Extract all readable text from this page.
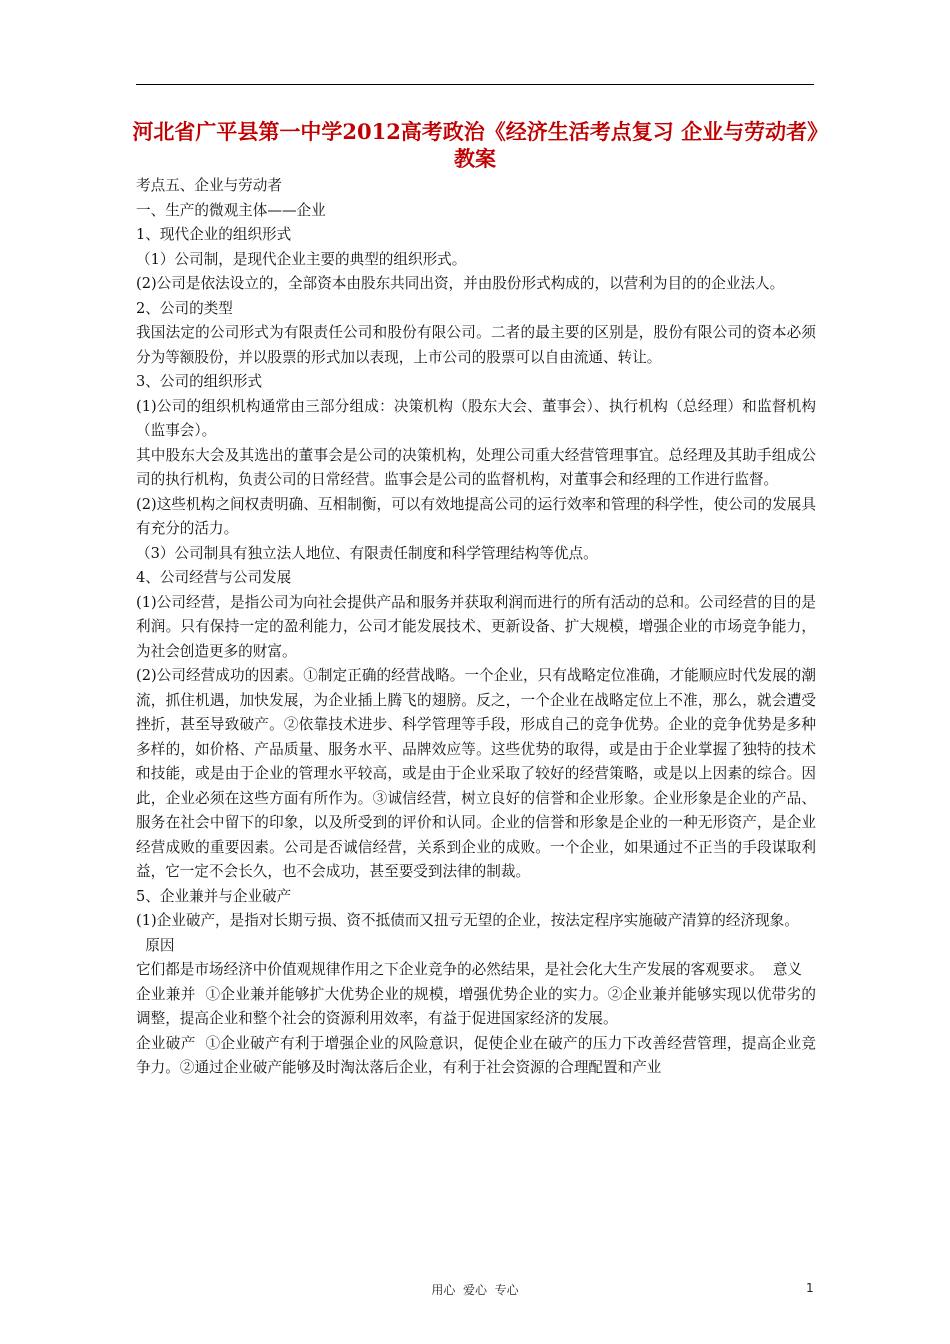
河北省广平县第一中学2012高考政治《经济生活考点复习 企业与劳动者》教案

考点五、企业与劳动者

一、生产的微观主体——企业

1、现代企业的组织形式

（1）公司制，是现代企业主要的典型的组织形式。

(2)公司是依法设立的，全部资本由股东共同出资，并由股份形式构成的，以营利为目的的企业法人。

2、公司的类型

我国法定的公司形式为有限责任公司和股份有限公司。二者的最主要的区别是，股份有限公司的资本必须分为等额股份，并以股票的形式加以表现，上市公司的股票可以自由流通、转让。

3、公司的组织形式

(1)公司的组织机构通常由三部分组成：决策机构（股东大会、董事会）、执行机构（总经理）和监督机构（监事会）。

其中股东大会及其选出的董事会是公司的决策机构，处理公司重大经营管理事宜。总经理及其助手组成公司的执行机构，负责公司的日常经营。监事会是公司的监督机构，对董事会和经理的工作进行监督。

(2)这些机构之间权责明确、互相制衡，可以有效地提高公司的运行效率和管理的科学性，使公司的发展具有充分的活力。

（3）公司制具有独立法人地位、有限责任制度和科学管理结构等优点。

4、公司经营与公司发展

(1)公司经营，是指公司为向社会提供产品和服务并获取利润而进行的所有活动的总和。公司经营的目的是利润。只有保持一定的盈利能力，公司才能发展技术、更新设备、扩大规模，增强企业的市场竞争能力，为社会创造更多的财富。

(2)公司经营成功的因素。①制定正确的经营战略。一个企业，只有战略定位准确，才能顺应时代发展的潮流，抓住机遇，加快发展，为企业插上腾飞的翅膀。反之，一个企业在战略定位上不准，那么，就会遭受挫折，甚至导致破产。②依靠技术进步、科学管理等手段，形成自己的竞争优势。企业的竞争优势是多种多样的，如价格、产品质量、服务水平、品牌效应等。这些优势的取得，或是由于企业掌握了独特的技术和技能，或是由于企业的管理水平较高，或是由于企业采取了较好的经营策略，或是以上因素的综合。因此，企业必须在这些方面有所作为。③诚信经营，树立良好的信誉和企业形象。企业形象是企业的产品、服务在社会中留下的印象，以及所受到的评价和认同。企业的信誉和形象是企业的一种无形资产，是企业经营成败的重要因素。公司是否诚信经营，关系到企业的成败。一个企业，如果通过不正当的手段谋取利益，它一定不会长久，也不会成功，甚至要受到法律的制裁。

5、企业兼并与企业破产

(1)企业破产，是指对长期亏损、资不抵债而又扭亏无望的企业，按法定程序实施破产清算的经济现象。

原因

它们都是市场经济中价值观规律作用之下企业竞争的必然结果，是社会化大生产发展的客观要求。  意义

企业兼并  ①企业兼并能够扩大优势企业的规模，增强优势企业的实力。②企业兼并能够实现以优带劣的调整，提高企业和整个社会的资源利用效率，有益于促进国家经济的发展。

企业破产  ①企业破产有利于增强企业的风险意识，促使企业在破产的压力下改善经营管理，提高企业竞争力。②通过企业破产能够及时淘汰落后企业，有利于社会资源的合理配置和产业

用心  爱心  专心	1
